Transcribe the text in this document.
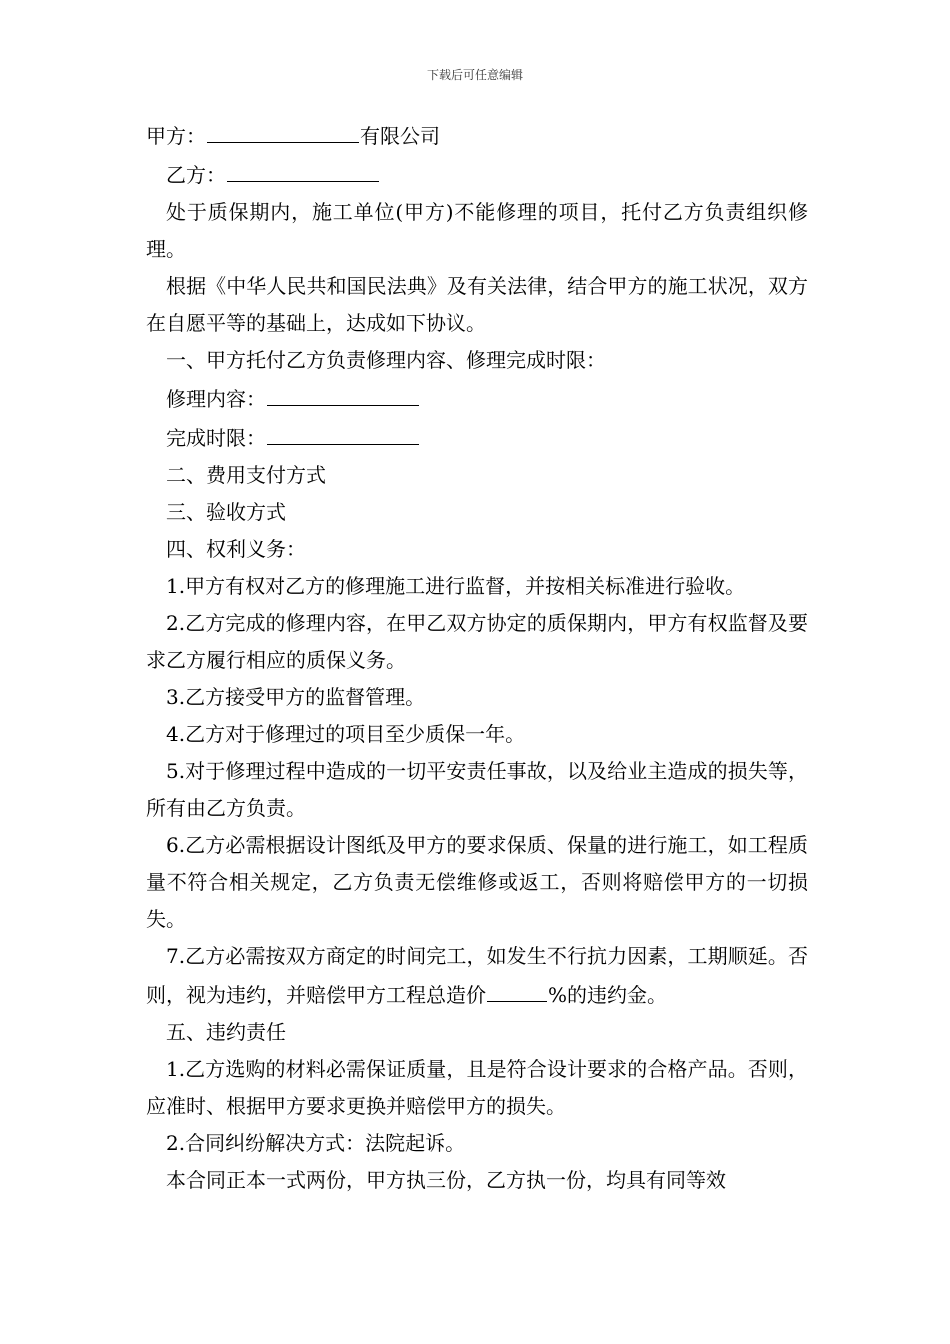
下载后可任意编辑

甲方：	有限公司

乙方：

处于质保期内，施工单位(甲方)不能修理的项目，托付乙方负责组织修理。

根据《中华人民共和国民法典》及有关法律，结合甲方的施工状况，双方在自愿平等的基础上，达成如下协议。

一、甲方托付乙方负责修理内容、修理完成时限：

修理内容：

完成时限：

二、费用支付方式

三、验收方式

四、权利义务：

1.甲方有权对乙方的修理施工进行监督，并按相关标准进行验收。

2.乙方完成的修理内容，在甲乙双方协定的质保期内，甲方有权监督及要求乙方履行相应的质保义务。

3.乙方接受甲方的监督管理。

4.乙方对于修理过的项目至少质保一年。

5.对于修理过程中造成的一切平安责任事故，以及给业主造成的损失等，所有由乙方负责。

6.乙方必需根据设计图纸及甲方的要求保质、保量的进行施工，如工程质量不符合相关规定，乙方负责无偿维修或返工，否则将赔偿甲方的一切损失。

7.乙方必需按双方商定的时间完工，如发生不行抗力因素，工期顺延。否则，视为违约，并赔偿甲方工程总造价	%的违约金。

五、违约责任

1.乙方选购的材料必需保证质量，且是符合设计要求的合格产品。否则，应准时、根据甲方要求更换并赔偿甲方的损失。

2.合同纠纷解决方式：法院起诉。

本合同正本一式两份，甲方执三份，乙方执一份，均具有同等效
